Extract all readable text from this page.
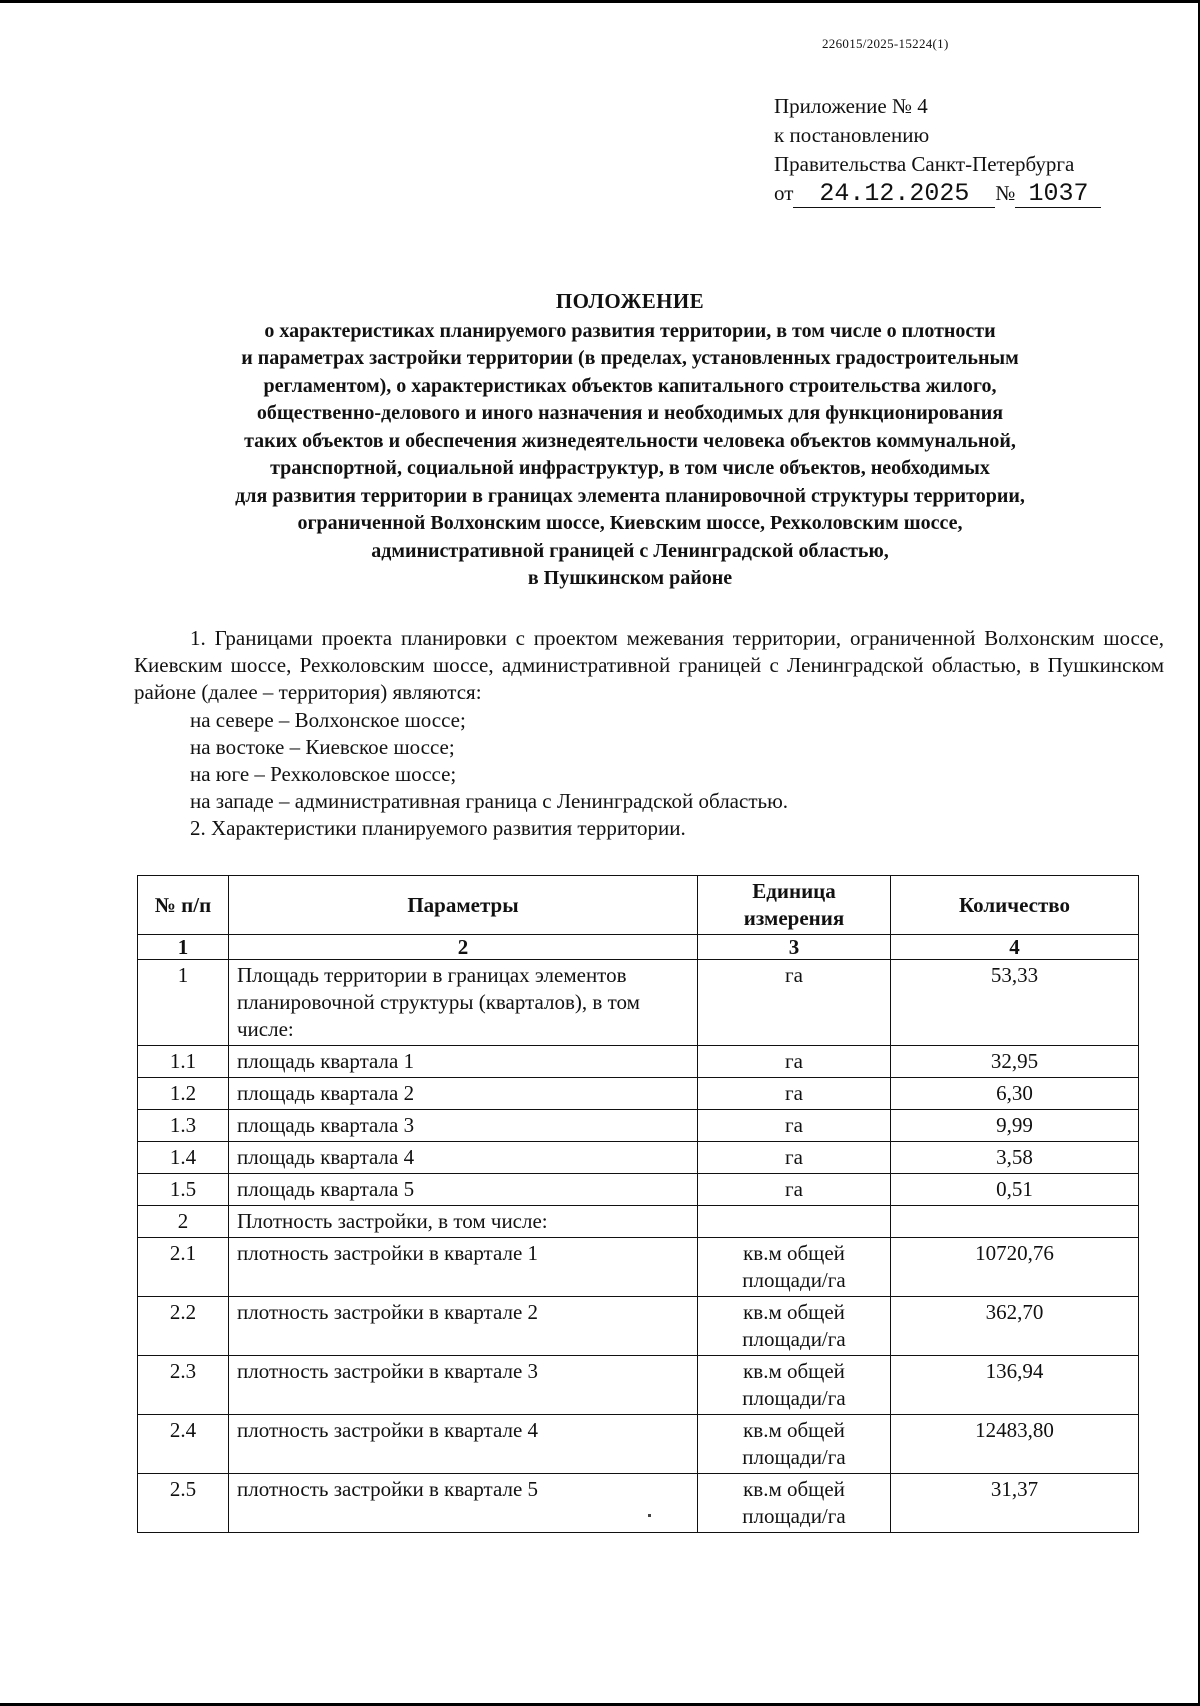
226015/2025-15224(1)
Приложение № 4
к постановлению
Правительства Санкт-Петербурга
от	24.12.2025	№ 1037
ПОЛОЖЕНИЕ
о характеристиках планируемого развития территории, в том числе о плотности
и параметрах застройки территории (в пределах, установленных градостроительным
регламентом), о характеристиках объектов капитального строительства жилого,
общественно-делового и иного назначения и необходимых для функционирования
таких объектов и обеспечения жизнедеятельности человека объектов коммунальной,
транспортной, социальной инфраструктур, в том числе объектов, необходимых
для развития территории в границах элемента планировочной структуры территории,
ограниченной Волхонским шоссе, Киевским шоссе, Рехколовским шоссе,
административной границей с Ленинградской областью,
в Пушкинском районе

1. Границами проекта планировки с проектом межевания территории, ограниченной Волхонским шоссе, Киевским шоссе, Рехколовским шоссе, административной границей с Ленинградской областью, в Пушкинском районе (далее – территория) являются:

на севере – Волхонское шоссе;

на востоке – Киевское шоссе;

на юге – Рехколовское шоссе;

на западе – административная граница с Ленинградской областью.

2. Характеристики планируемого развития территории.

№ п/п	Параметры	Единица измерения	Количество
1	2	3	4
1	Площадь территории в границах элементов планировочной структуры (кварталов), в том числе:	га	53,33
1.1	площадь квартала 1	га	32,95
1.2	площадь квартала 2	га	6,30
1.3	площадь квартала 3	га	9,99
1.4	площадь квартала 4	га	3,58
1.5	площадь квартала 5	га	0,51
2	Плотность застройки, в том числе:		
2.1	плотность застройки в квартале 1	кв.м общей площади/га	10720,76
2.2	плотность застройки в квартале 2	кв.м общей площади/га	362,70
2.3	плотность застройки в квартале 3	кв.м общей площади/га	136,94
2.4	плотность застройки в квартале 4	кв.м общей площади/га	12483,80
2.5	плотность застройки в квартале 5	кв.м общей площади/га	31,37
